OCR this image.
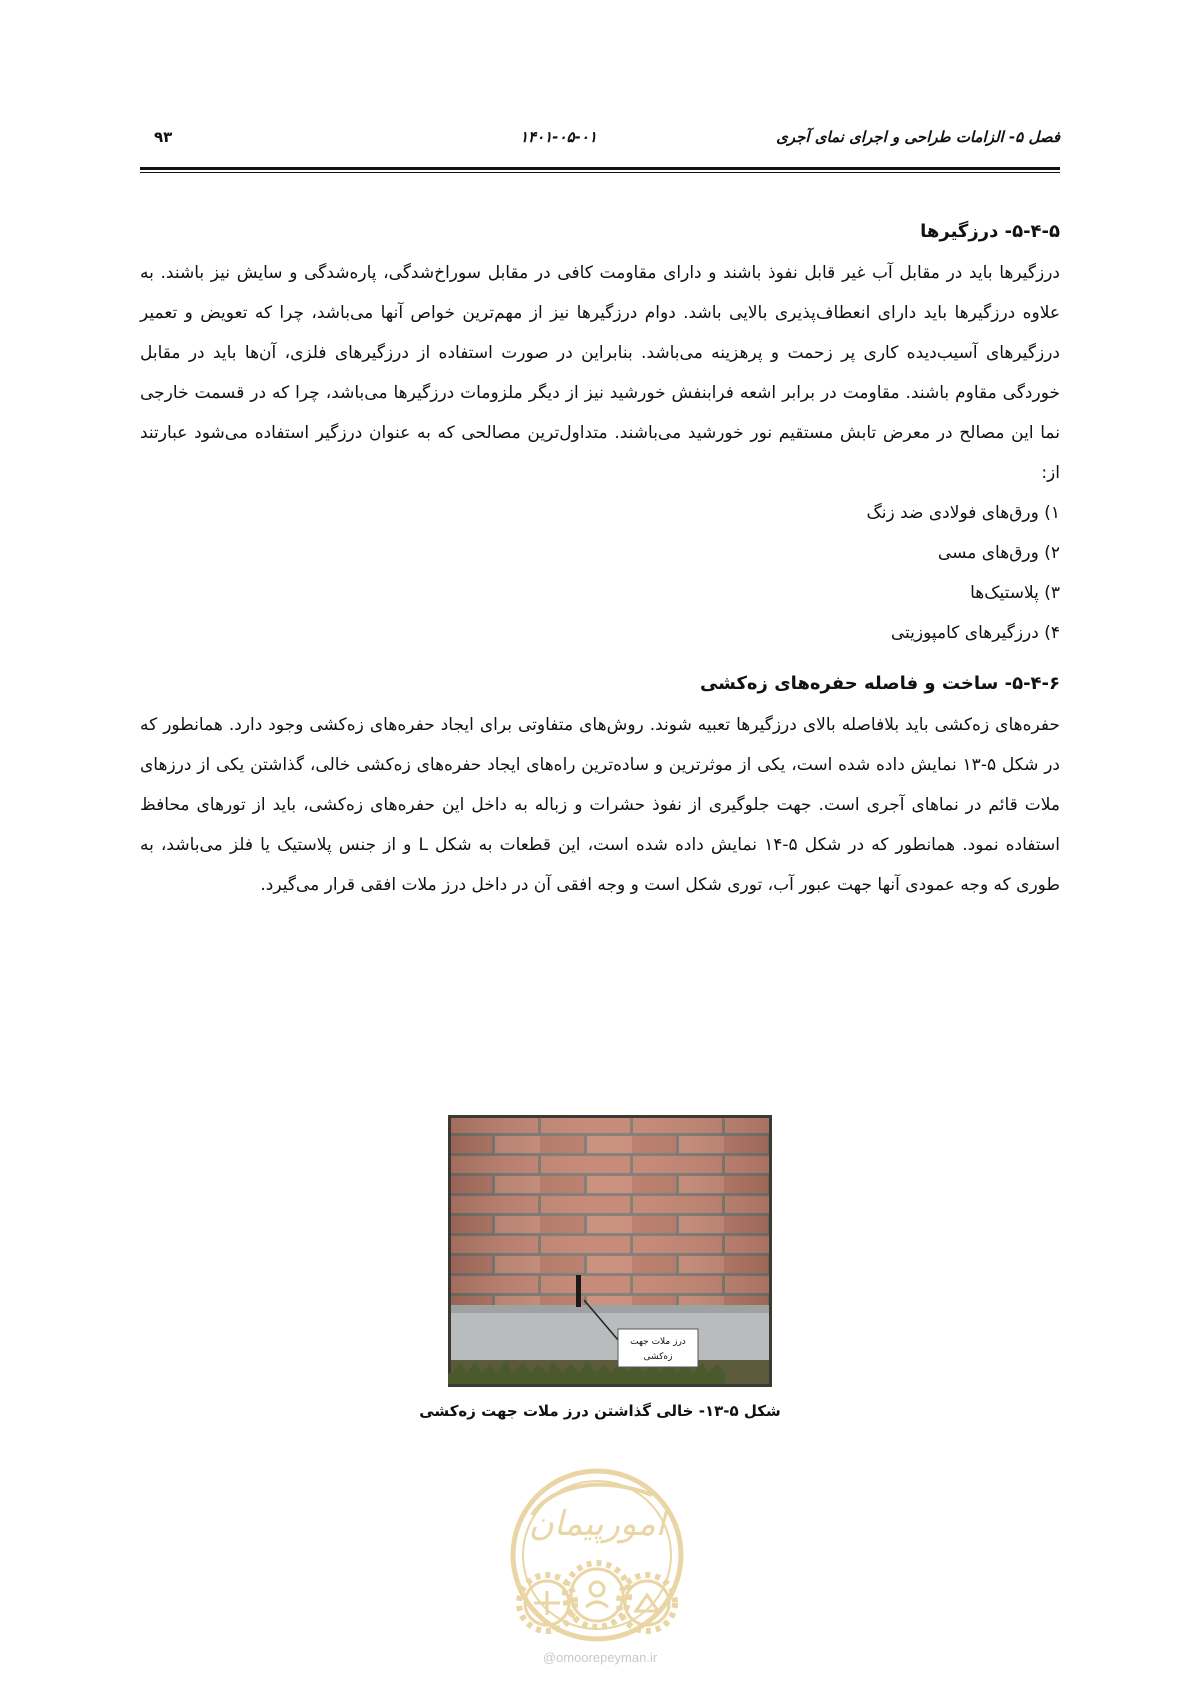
فصل ۵- الزامات طراحی و اجرای نمای آجری
۱۴۰۱-۰۵-۰۱
۹۳
۵-۴-۵- درزگیرها

درزگیرها باید در مقابل آب غیر قابل نفوذ باشند و دارای مقاومت کافی در مقابل سوراخ‌شدگی، پاره‌شدگی و سایش نیز باشند. به علاوه درزگیرها باید دارای انعطاف‌پذیری بالایی باشد. دوام درزگیرها نیز از مهم‌ترین خواص آنها می‌باشد، چرا که تعویض و تعمیر درزگیرهای آسیب‌دیده کاری پر زحمت و پرهزینه می‌باشد. بنابراین در صورت استفاده از درزگیرهای فلزی، آن‌ها باید در مقابل خوردگی مقاوم باشند. مقاومت در برابر اشعه فرابنفش خورشید نیز از دیگر ملزومات درزگیرها می‌باشد، چرا که در قسمت خارجی نما این مصالح در معرض تابش مستقیم نور خورشید می‌باشند. متداول‌ترین مصالحی که به عنوان درزگیر استفاده می‌شود عبارتند از:

۱) ورق‌های فولادی ضد زنگ
۲) ورق‌های مسی
۳) پلاستیک‌ها
۴) درزگیرهای کامپوزیتی
۵-۴-۶- ساخت و فاصله حفره‌های زه‌کشی

حفره‌های زه‌کشی باید بلافاصله بالای درزگیرها تعبیه شوند. روش‌های متفاوتی برای ایجاد حفره‌های زه‌کشی وجود دارد. همانطور که در شکل ۵-۱۳ نمایش داده شده است، یکی از موثرترین و ساده‌ترین راه‌های ایجاد حفره‌های زه‌کشی خالی، گذاشتن یکی از درزهای ملات قائم در نماهای آجری است. جهت جلوگیری از نفوذ حشرات و زباله به داخل این حفره‌های زه‌کشی، باید از تورهای محافظ استفاده نمود. همانطور که در شکل ۵-۱۴ نمایش داده شده است، این قطعات به شکل L و از جنس پلاستیک یا فلز می‌باشد، به طوری که وجه عمودی آنها جهت عبور آب، توری شکل است و وجه افقی آن در داخل درز ملات افقی قرار می‌گیرد.

درز ملات جهت
زه‌کشی
شکل ۵-۱۳- خالی گذاشتن درز ملات جهت زه‌کشی
امورپیمان
@omoorepeyman.ir
